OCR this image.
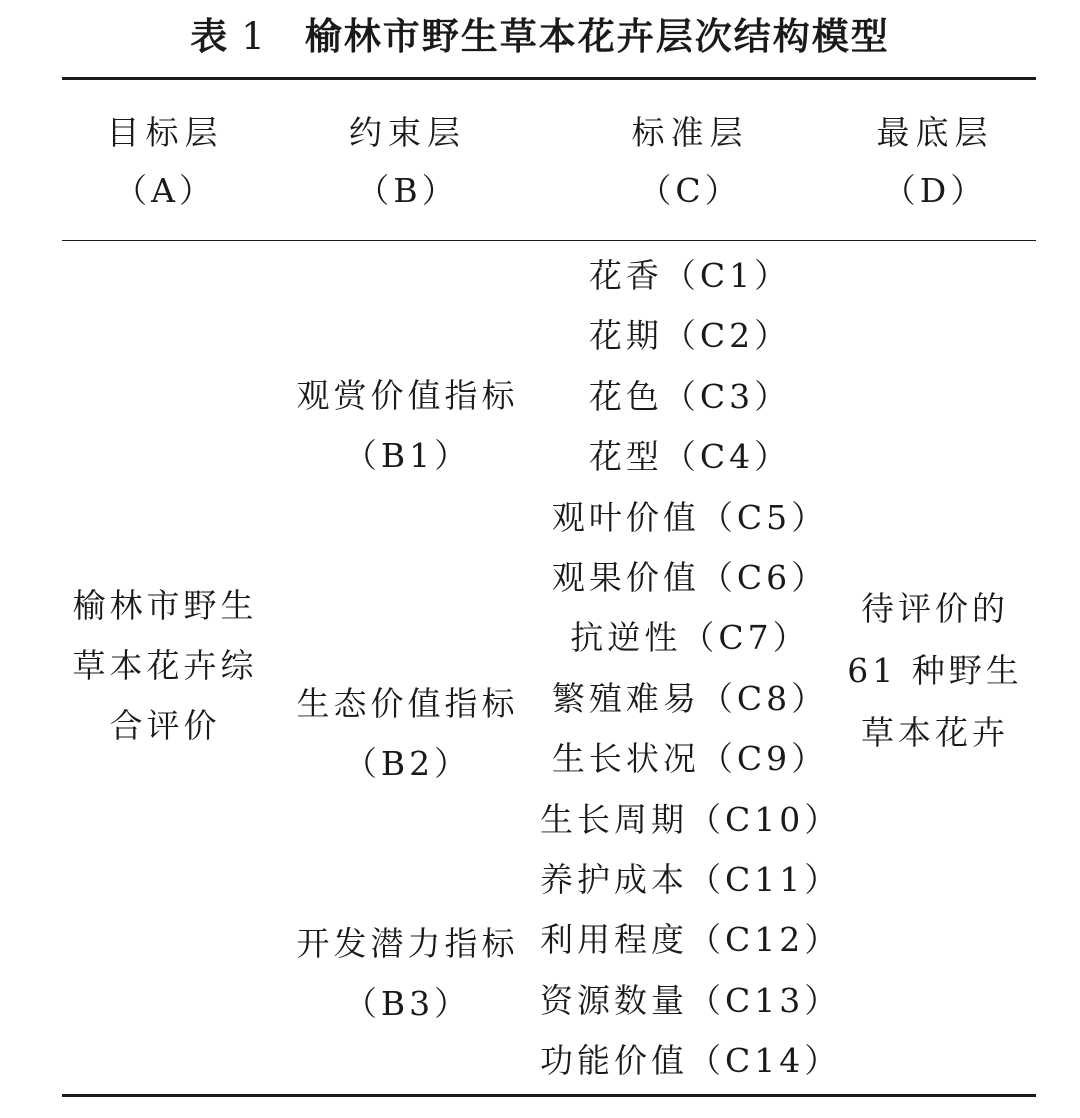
表 1 榆林市野生草本花卉层次结构模型
目标层
（A）
约束层
（B）
标准层
（C）
最底层
（D）
榆林市野生
草本花卉综
合评价
观赏价值指标
（B1）
生态价值指标
（B2）
开发潜力指标
（B3）
花香（C1）
花期（C2）
花色（C3）
花型（C4）
观叶价值（C5）
观果价值（C6）
抗逆性（C7）
繁殖难易（C8）
生长状况（C9）
生长周期（C10）
养护成本（C11）
利用程度（C12）
资源数量（C13）
功能价值（C14）
待评价的
61 种野生
草本花卉
